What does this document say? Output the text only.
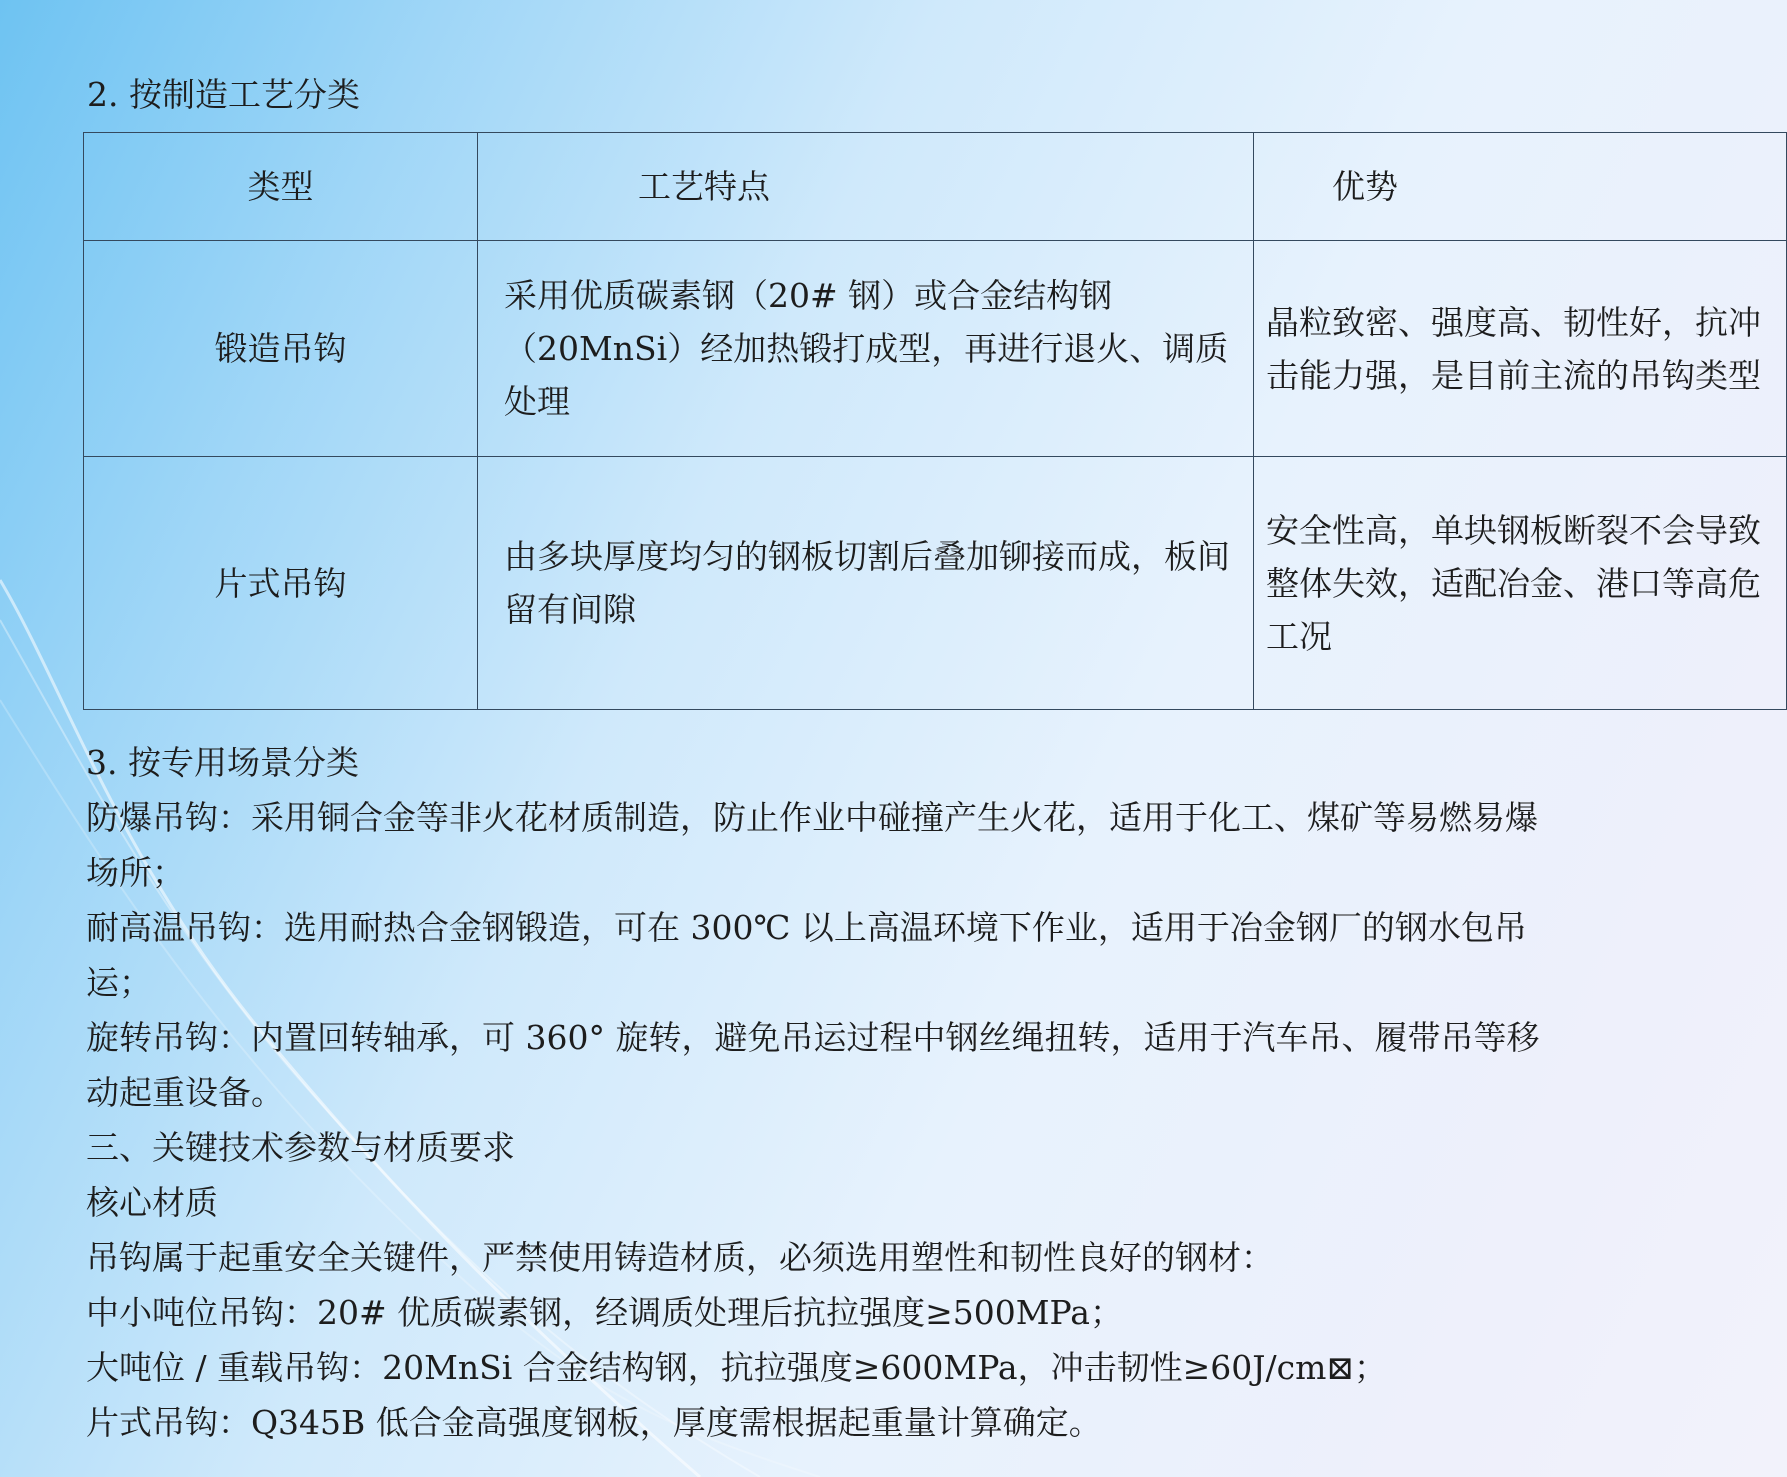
2. 按制造工艺分类
类型	工艺特点	优势
锻造吊钩	采用优质碳素钢（20# 钢）或合金结构钢（20MnSi）经加热锻打成型，再进行退火、调质处理	晶粒致密、强度高、韧性好，抗冲击能力强，是目前主流的吊钩类型
片式吊钩	由多块厚度均匀的钢板切割后叠加铆接而成，板间留有间隙	安全性高，单块钢板断裂不会导致整体失效，适配冶金、港口等高危工况

3. 按专用场景分类

防爆吊钩：采用铜合金等非火花材质制造，防止作业中碰撞产生火花，适用于化工、煤矿等易燃易爆场所；

耐高温吊钩：选用耐热合金钢锻造，可在 300℃ 以上高温环境下作业，适用于冶金钢厂的钢水包吊运；

旋转吊钩：内置回转轴承，可 360° 旋转，避免吊运过程中钢丝绳扭转，适用于汽车吊、履带吊等移动起重设备。

三、关键技术参数与材质要求

核心材质

吊钩属于起重安全关键件，严禁使用铸造材质，必须选用塑性和韧性良好的钢材：

中小吨位吊钩：20# 优质碳素钢，经调质处理后抗拉强度≥500MPa；

大吨位 / 重载吊钩：20MnSi 合金结构钢，抗拉强度≥600MPa，冲击韧性≥60J/cm⊠；

片式吊钩：Q345B 低合金高强度钢板，厚度需根据起重量计算确定。
